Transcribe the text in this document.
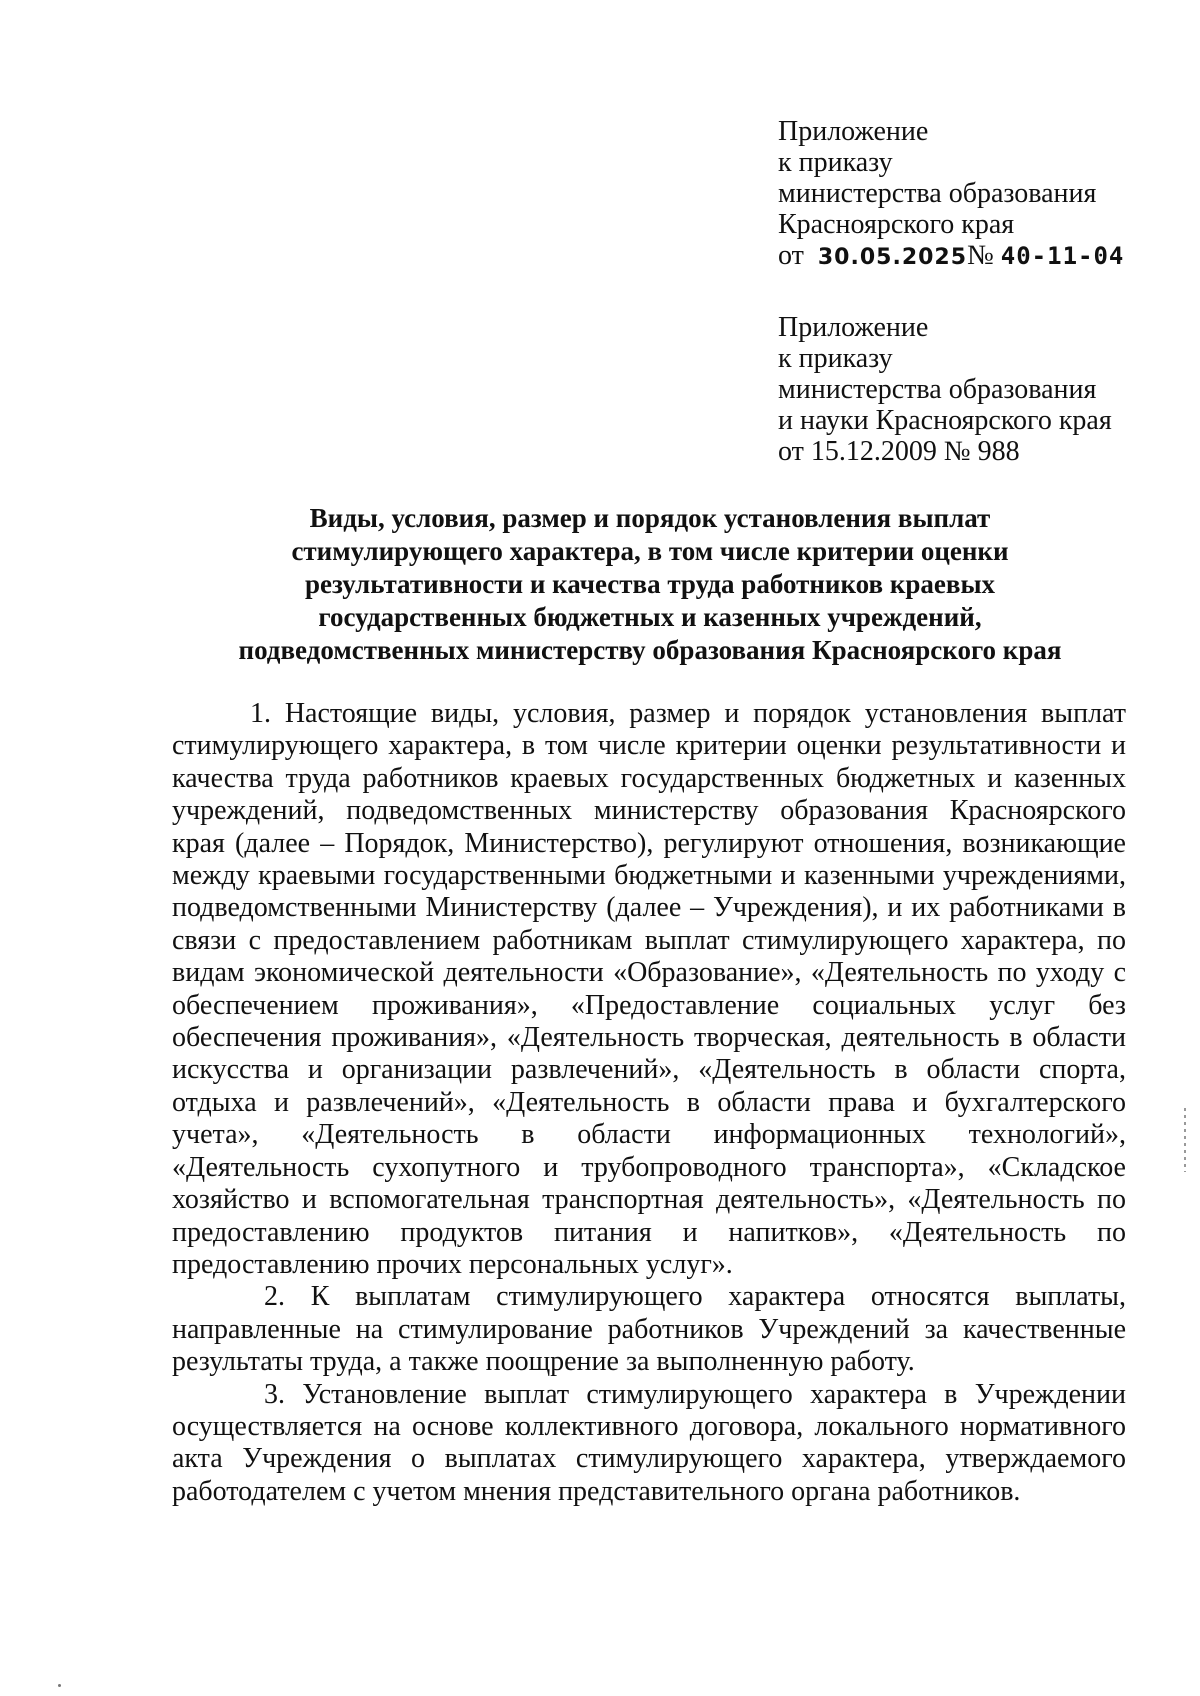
Приложение
к приказу
министерства образования
Красноярского края
от 30.05.2025№ 40-11-04
Приложение
к приказу
министерства образования
и науки Красноярского края
от 15.12.2009 № 988
Виды, условия, размер и порядок установления выплат
стимулирующего характера, в том числе критерии оценки
результативности и качества труда работников краевых
государственных бюджетных и казенных учреждений,
подведомственных министерству образования Красноярского края

1. Настоящие виды, условия, размер и порядок установления выплат стимулирующего характера, в том числе критерии оценки результативности и качества труда работников краевых государственных бюджетных и казенных учреждений, подведомственных министерству образования Красноярского края (далее – Порядок, Министерство), регулируют отношения, возникающие между краевыми государственными бюджетными и казенными учреждениями, подведомственными Министерству (далее – Учреждения), и их работниками в связи с предоставлением работникам выплат стимулирующего характера, по видам экономической деятельности «Образование», «Деятельность по уходу с обеспечением проживания», «Предоставление социальных услуг без обеспечения проживания», «Деятельность творческая, деятельность в области искусства и организации развлечений», «Деятельность в области спорта, отдыха и развлечений», «Деятельность в области права и бухгалтерского учета», «Деятельность в области информационных технологий», «Деятельность сухопутного и трубопроводного транспорта», «Складское хозяйство и вспомогательная транспортная деятельность», «Деятельность по предоставлению продуктов питания и напитков», «Деятельность по предоставлению прочих персональных услуг».

2. К выплатам стимулирующего характера относятся выплаты, направленные на стимулирование работников Учреждений за качественные результаты труда, а также поощрение за выполненную работу.

3. Установление выплат стимулирующего характера в Учреждении осуществляется на основе коллективного договора, локального нормативного акта Учреждения о выплатах стимулирующего характера, утверждаемого работодателем с учетом мнения представительного органа работников.
